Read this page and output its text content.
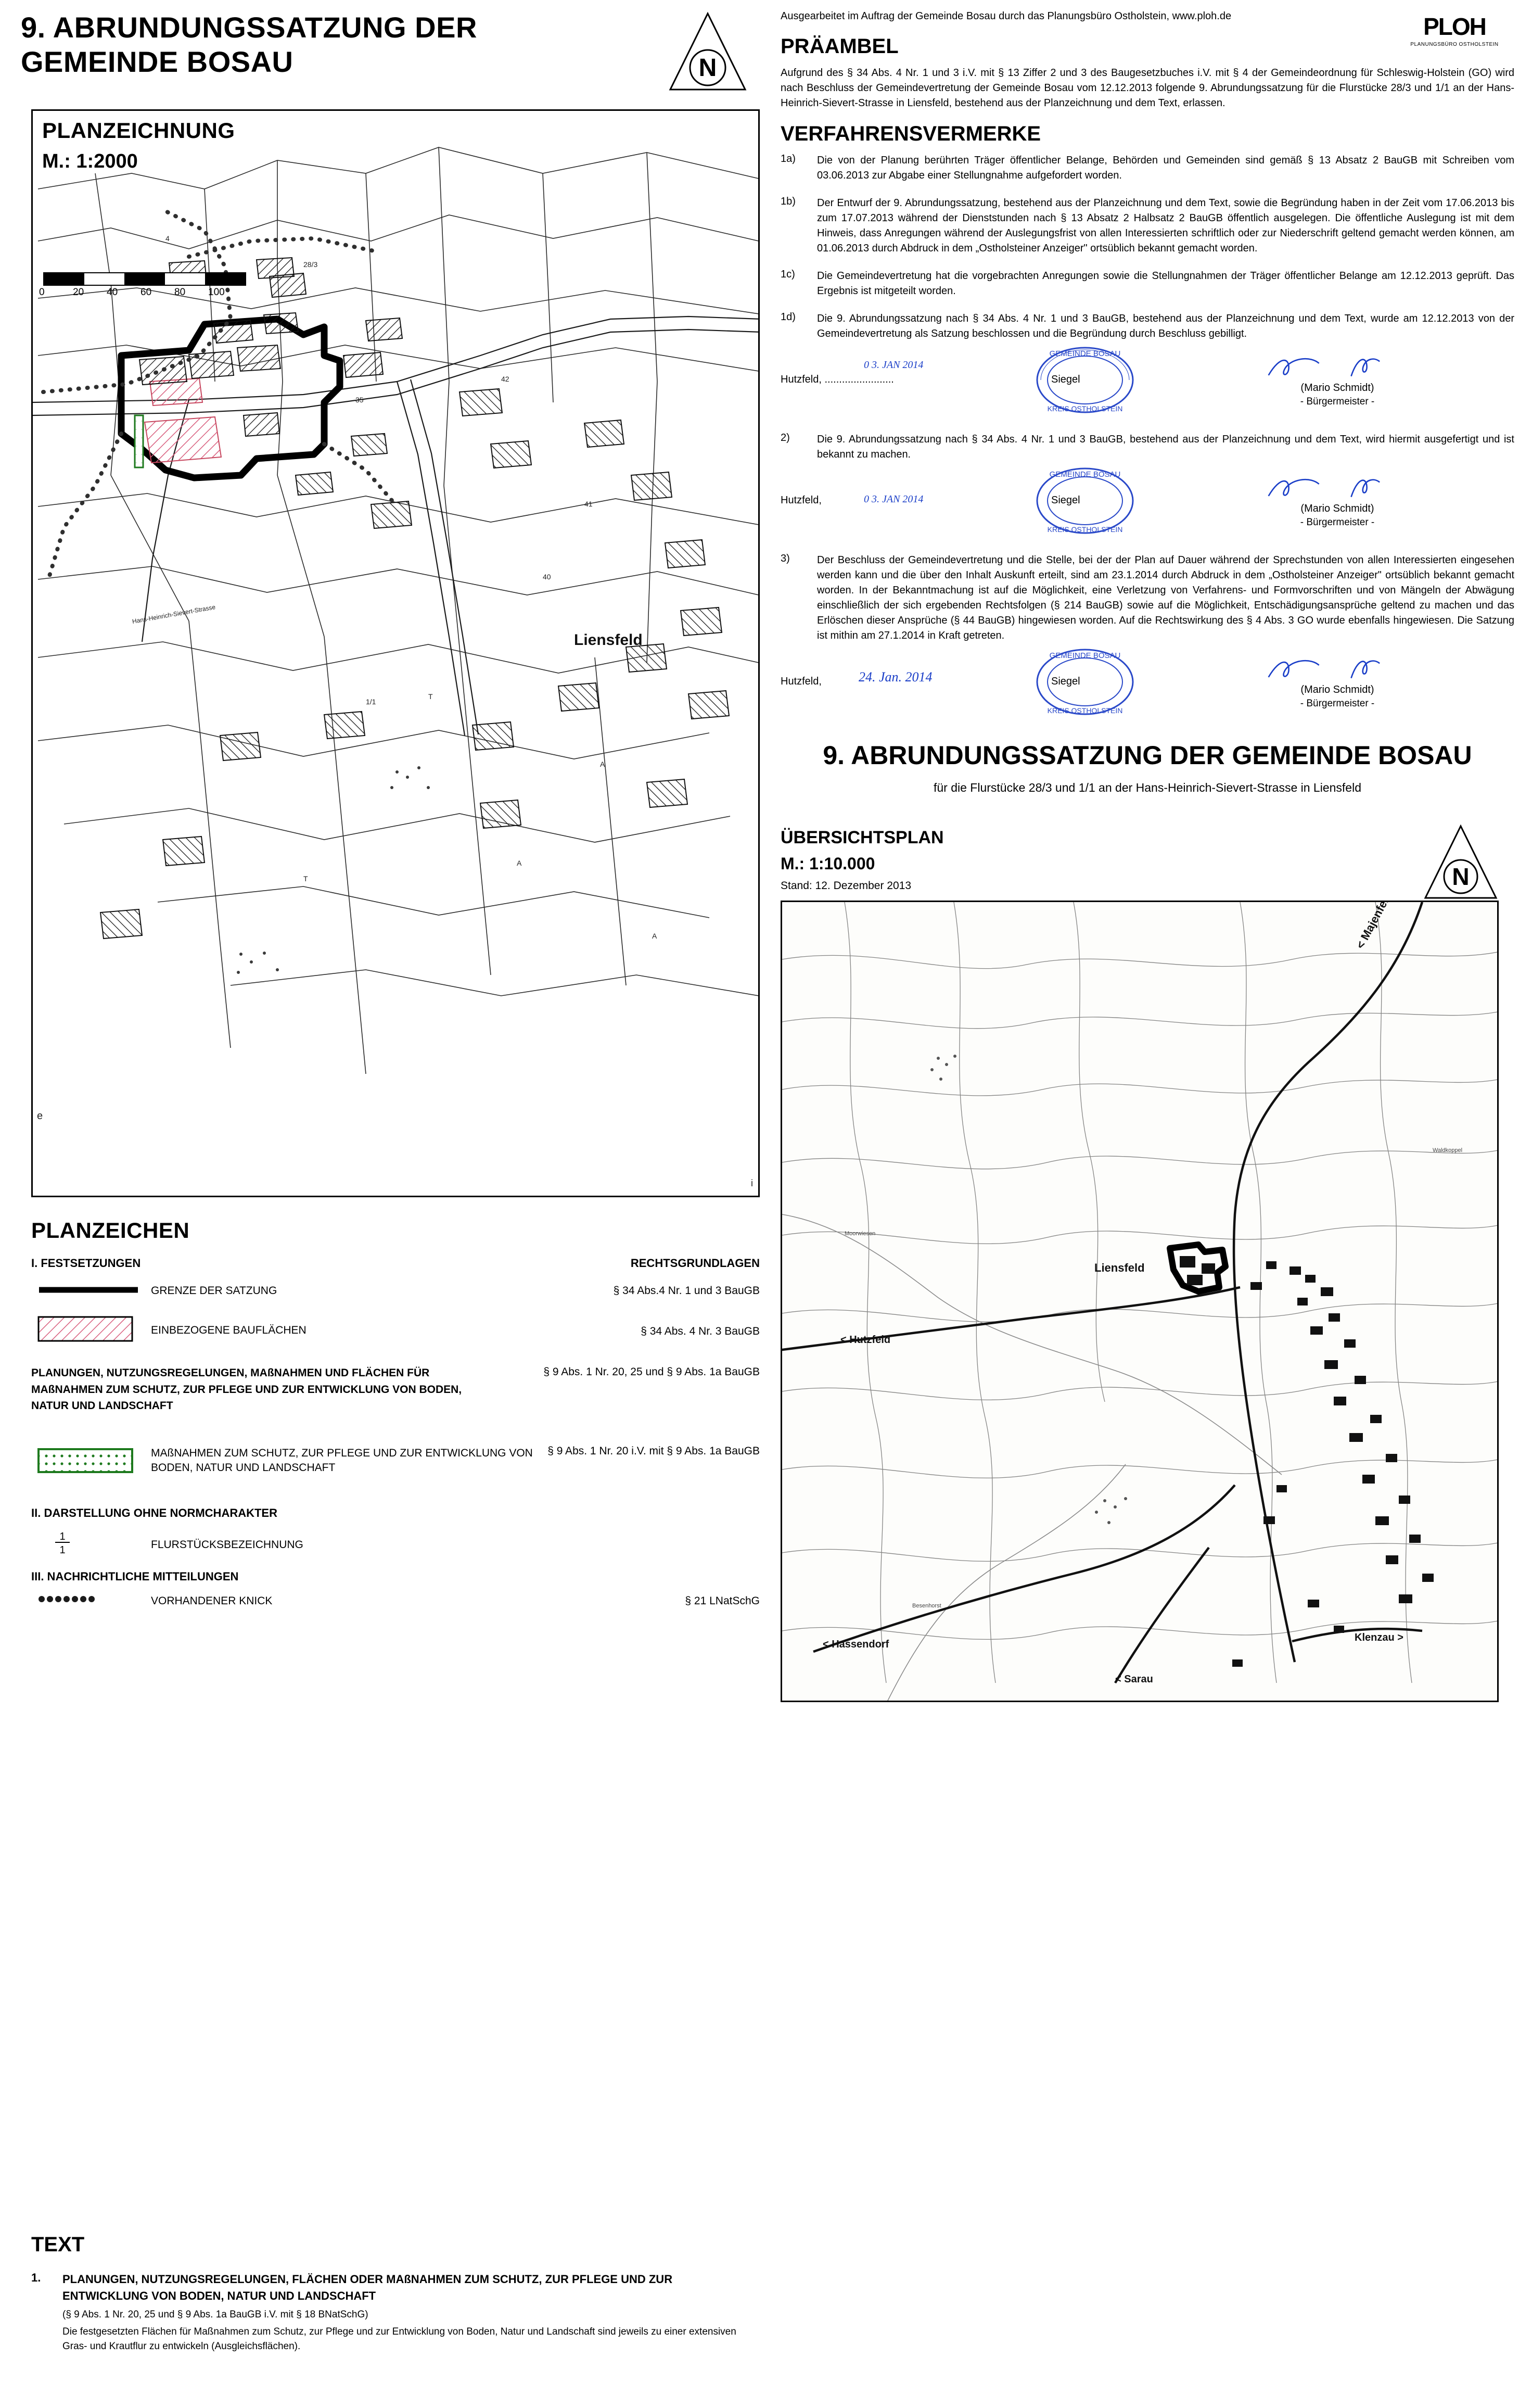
9. ABRUNDUNGSSATZUNG DER GEMEINDE BOSAU	N
4
28/3
35
42
41
40
T
A
T
A
A
1/1
PLANZEICHNUNG
M.: 1:2000
0	20	40	60	80	100
Liensfeld
Hans-Heinrich-Sievert-Strasse
e
i
PLANZEICHEN
I. FESTSETZUNGEN	RECHTSGRUNDLAGEN
GRENZE DER SATZUNG	§ 34 Abs.4 Nr. 1 und 3 BauGB
EINBEZOGENE BAUFLÄCHEN	§ 34 Abs. 4 Nr. 3 BauGB
PLANUNGEN, NUTZUNGSREGELUNGEN, MAßNAHMEN UND FLÄCHEN FÜR MAßNAHMEN ZUM SCHUTZ, ZUR PFLEGE UND ZUR ENTWICKLUNG VON BODEN, NATUR UND LANDSCHAFT
§ 9 Abs. 1 Nr. 20, 25 und § 9 Abs. 1a BauGB
MAßNAHMEN ZUM SCHUTZ, ZUR PFLEGE UND ZUR ENTWICKLUNG VON BODEN, NATUR UND LANDSCHAFT
§ 9 Abs. 1 Nr. 20 i.V. mit § 9 Abs. 1a BauGB
II. DARSTELLUNG OHNE NORMCHARAKTER
1
1	FLURSTÜCKSBEZEICHNUNG
III. NACHRICHTLICHE MITTEILUNGEN
VORHANDENER KNICK	§ 21 LNatSchG
TEXT
1. PLANUNGEN, NUTZUNGSREGELUNGEN, FLÄCHEN ODER MAßNAHMEN ZUM SCHUTZ, ZUR PFLEGE UND ZUR ENTWICKLUNG VON BODEN, NATUR UND LANDSCHAFT
(§ 9 Abs. 1 Nr. 20, 25 und § 9 Abs. 1a BauGB i.V. mit § 18 BNatSchG)
Die festgesetzten Flächen für Maßnahmen zum Schutz, zur Pflege und zur Entwicklung von Boden, Natur und Landschaft sind jeweils zu einer extensiven Gras- und Krautflur zu entwickeln (Ausgleichsflächen).
Ausgearbeitet im Auftrag der Gemeinde Bosau durch das Planungsbüro Ostholstein, www.ploh.de	PLOH
PLANUNGSBÜRO OSTHOLSTEIN
PRÄAMBEL

Aufgrund des § 34 Abs. 4 Nr. 1 und 3 i.V. mit § 13 Ziffer 2 und 3 des Baugesetzbuches i.V. mit § 4 der Gemeindeordnung für Schleswig-Holstein (GO) wird nach Beschluss der Gemeindevertretung der Gemeinde Bosau vom 12.12.2013 folgende 9. Abrundungssatzung für die Flurstücke 28/3 und 1/1 an der Hans-Heinrich-Sievert-Strasse in Liensfeld, bestehend aus der Planzeichnung und dem Text, erlassen.

VERFAHRENSVERMERKE
1a) Die von der Planung berührten Träger öffentlicher Belange, Behörden und Gemeinden sind gemäß § 13 Absatz 2 BauGB mit Schreiben vom 03.06.2013 zur Abgabe einer Stellungnahme aufgefordert worden.
1b) Der Entwurf der 9. Abrundungssatzung, bestehend aus der Planzeichnung und dem Text, sowie die Begründung haben in der Zeit vom 17.06.2013 bis zum 17.07.2013 während der Dienststunden nach § 13 Absatz 2 Halbsatz 2 BauGB öffentlich ausgelegen. Die öffentliche Auslegung ist mit dem Hinweis, dass Anregungen während der Auslegungsfrist von allen Interessierten schriftlich oder zur Niederschrift geltend gemacht werden können, am 01.06.2013 durch Abdruck in dem „Ostholsteiner Anzeiger" ortsüblich bekannt gemacht worden.
1c) Die Gemeindevertretung hat die vorgebrachten Anregungen sowie die Stellungnahmen der Träger öffentlicher Belange am 12.12.2013 geprüft. Das Ergebnis ist mitgeteilt worden.
1d) Die 9. Abrundungssatzung nach § 34 Abs. 4 Nr. 1 und 3 BauGB, bestehend aus der Planzeichnung und dem Text, wurde am 12.12.2013 von der Gemeindevertretung als Satzung beschlossen und die Begründung durch Beschluss gebilligt.
Hutzfeld, ........................
0 3. JAN 2014
GEMEINDE BOSAU
KREIS OSTHOLSTEIN
Siegel
(Mario Schmidt)
- Bürgermeister -
2)	Die 9. Abrundungssatzung nach § 34 Abs. 4 Nr. 1 und 3 BauGB, bestehend aus der Planzeichnung und dem Text, wird hiermit ausgefertigt und ist bekannt zu machen.
Hutzfeld,	0 3. JAN 2014
GEMEINDE BOSAU
KREIS OSTHOLSTEIN
Siegel
(Mario Schmidt)
- Bürgermeister -
3)	Der Beschluss der Gemeindevertretung und die Stelle, bei der der Plan auf Dauer während der Sprechstunden von allen Interessierten eingesehen werden kann und die über den Inhalt Auskunft erteilt, sind am 23.1.2014 durch Abdruck in dem „Ostholsteiner Anzeiger" ortsüblich bekannt gemacht worden. In der Bekanntmachung ist auf die Möglichkeit, eine Verletzung von Verfahrens- und Formvorschriften und von Mängeln der Abwägung einschließlich der sich ergebenden Rechtsfolgen (§ 214 BauGB) sowie auf die Möglichkeit, Entschädigungsansprüche geltend zu machen und das Erlöschen dieser Ansprüche (§ 44 BauGB) hingewiesen worden. Auf die Rechtswirkung des § 4 Abs. 3 GO wurde ebenfalls hingewiesen. Die Satzung ist mithin am 27.1.2014 in Kraft getreten.
Hutzfeld,	24. Jan. 2014
GEMEINDE BOSAU
KREIS OSTHOLSTEIN
Siegel
(Mario Schmidt)
- Bürgermeister -
9. ABRUNDUNGSSATZUNG DER GEMEINDE BOSAU
für die Flurstücke 28/3 und 1/1 an der Hans-Heinrich-Sievert-Strasse in Liensfeld
N
ÜBERSICHTSPLAN
M.: 1:10.000
Stand: 12. Dezember 2013
Besenhorst
Waldkoppel
Moorwiesen
Liensfeld
< Hutzfeld
< Hassendorf
< Sarau
Klenzau >
